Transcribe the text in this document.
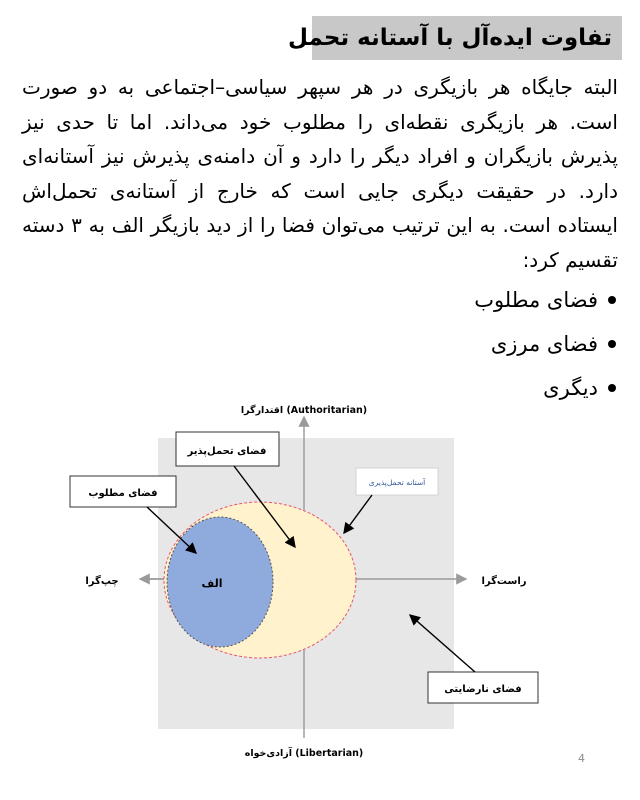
تفاوت ایده‌آل با آستانه تحمل
البته جایگاه هر بازیگری در هر سپهر سیاسی–اجتماعی به دو صورت است. هر بازیگری نقطه‌ای را مطلوب خود می‌داند. اما تا حدی نیز پذیرش بازیگران و افراد دیگر را دارد و آن دامنه‌ی پذیرش نیز آستانه‌ای دارد. در حقیقت دیگری جایی است که خارج از آستانه‌ی تحمل‌اش ایستاده است. به این ترتیب می‌توان فضا را از دید بازیگر الف به ۳ دسته تقسیم کرد:
فضای مطلوب
فضای مرزی
دیگری
الف
اقتدارگرا (Authoritarian)
آزادی‌خواه (Libertarian)
چپ‌گرا	راست‌گرا
فضای تحمل‌پذیر
فضای مطلوب
آستانه تحمل‌پذیری
فضای نارضایتی
4
